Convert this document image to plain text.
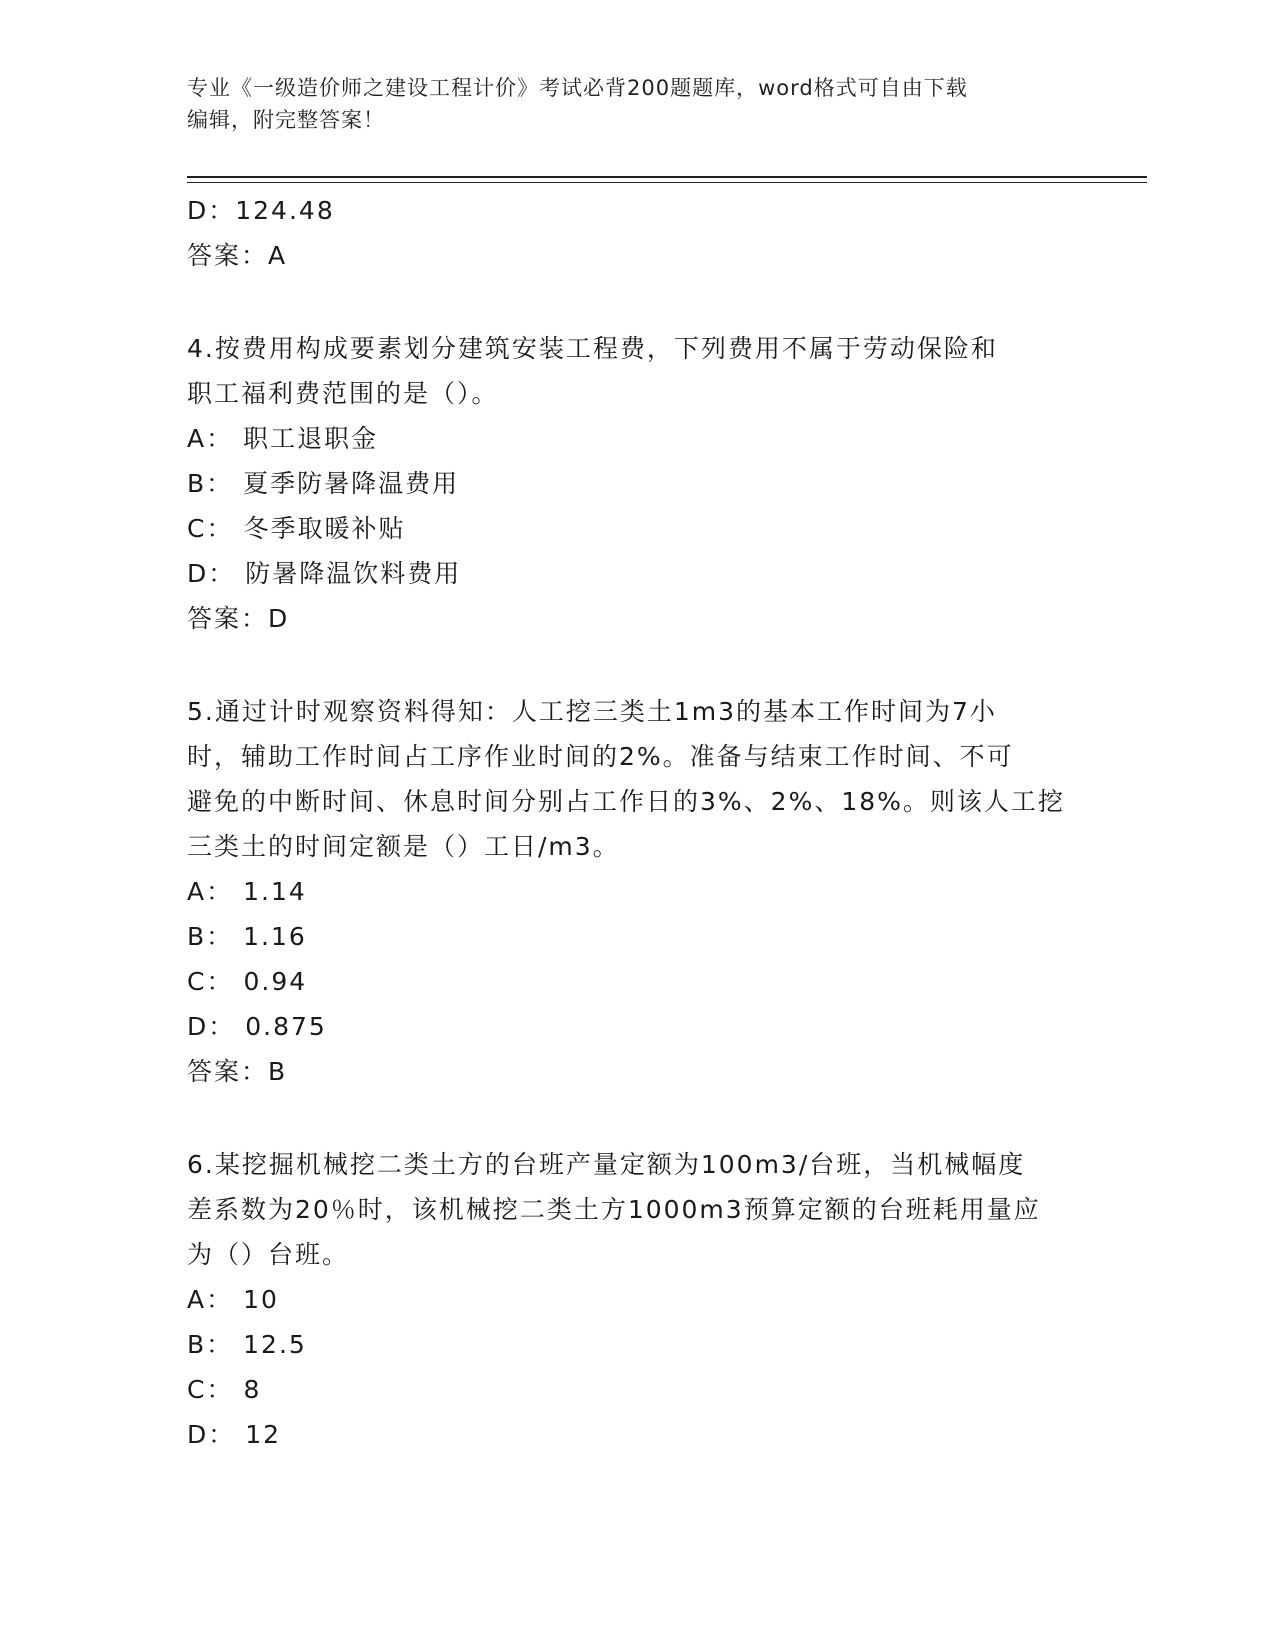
专业《一级造价师之建设工程计价》考试必背200题题库，word格式可自由下载
编辑，附完整答案！
D：124.48
答案：A
4.按费用构成要素划分建筑安装工程费，下列费用不属于劳动保险和
职工福利费范围的是（）。
A： 职工退职金
B： 夏季防暑降温费用
C： 冬季取暖补贴
D： 防暑降温饮料费用
答案：D
5.通过计时观察资料得知：人工挖三类土1m3的基本工作时间为7小
时，辅助工作时间占工序作业时间的2%。准备与结束工作时间、不可
避免的中断时间、休息时间分别占工作日的3%、2%、18%。则该人工挖
三类土的时间定额是（）工日/m3。
A： 1.14
B： 1.16
C： 0.94
D： 0.875
答案：B
6.某挖掘机械挖二类土方的台班产量定额为100m3/台班，当机械幅度
差系数为20％时，该机械挖二类土方1000m3预算定额的台班耗用量应
为（）台班。
A： 10
B： 12.5
C： 8
D： 12
